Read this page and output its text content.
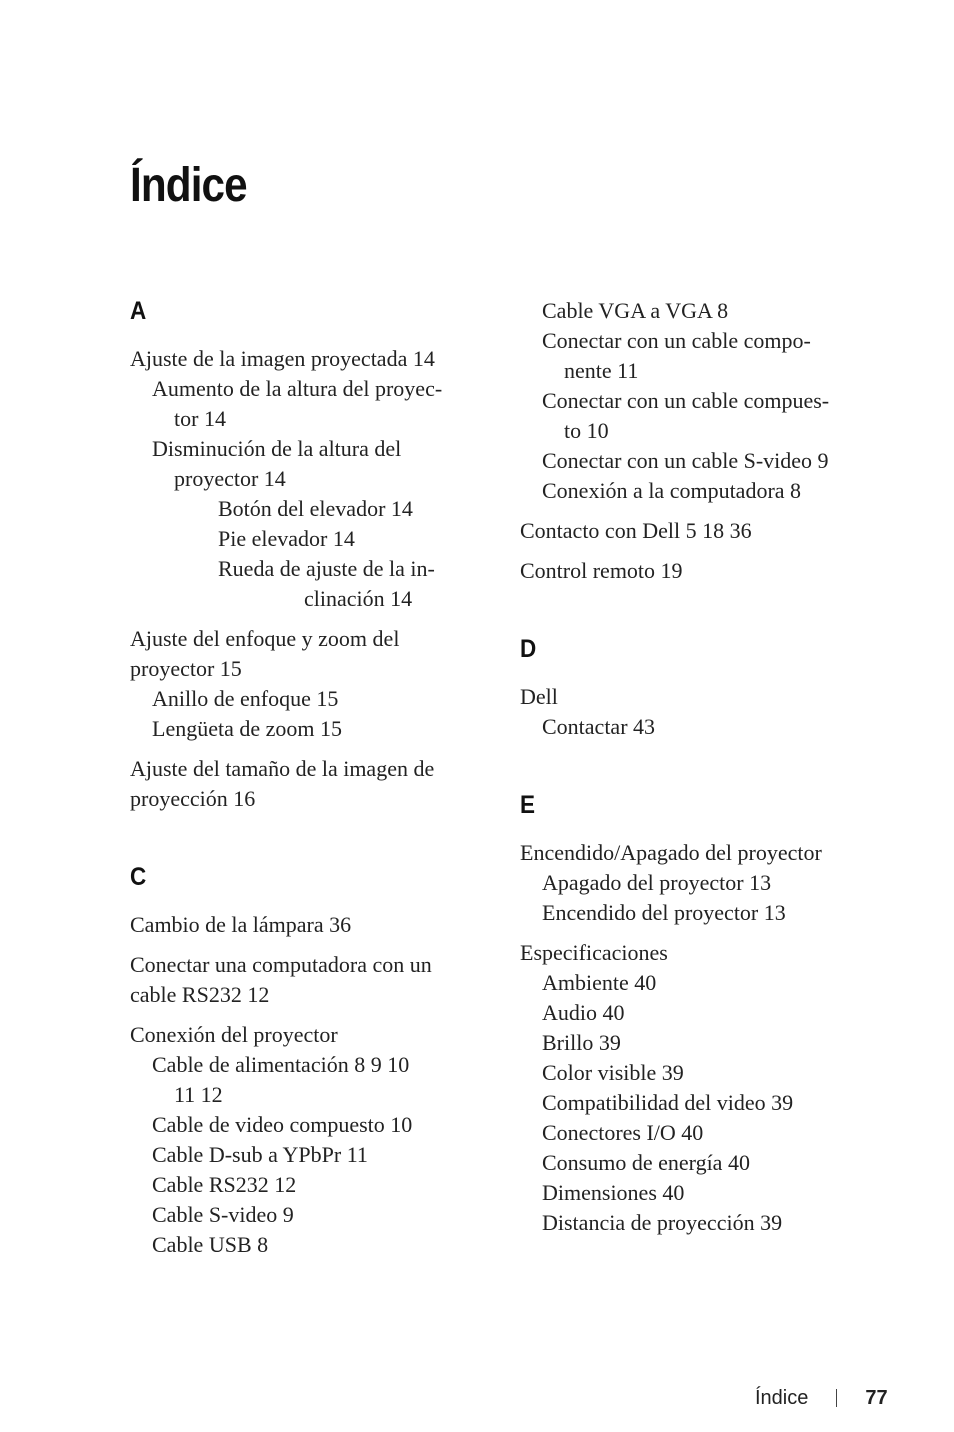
Índice
A
Ajuste de la imagen proyectada 14
Aumento de la altura del proyec-
tor 14
Disminución de la altura del
proyector 14
Botón del elevador 14
Pie elevador 14
Rueda de ajuste de la in-
clinación 14
Ajuste del enfoque y zoom del
proyector 15
Anillo de enfoque 15
Lengüeta de zoom 15
Ajuste del tamaño de la imagen de
proyección 16
C
Cambio de la lámpara 36
Conectar una computadora con un
cable RS232 12
Conexión del proyector
Cable de alimentación 8 9 10
11 12
Cable de video compuesto 10
Cable D-sub a YPbPr 11
Cable RS232 12
Cable S-video 9
Cable USB 8
Cable VGA a VGA 8
Conectar con un cable compo-
nente 11
Conectar con un cable compues-
to 10
Conectar con un cable S-video 9
Conexión a la computadora 8
Contacto con Dell 5 18 36
Control remoto 19
D
Dell
Contactar 43
E
Encendido/Apagado del proyector
Apagado del proyector 13
Encendido del proyector 13
Especificaciones
Ambiente 40
Audio 40
Brillo 39
Color visible 39
Compatibilidad del video 39
Conectores I/O 40
Consumo de energía 40
Dimensiones 40
Distancia de proyección 39
Índice	77
